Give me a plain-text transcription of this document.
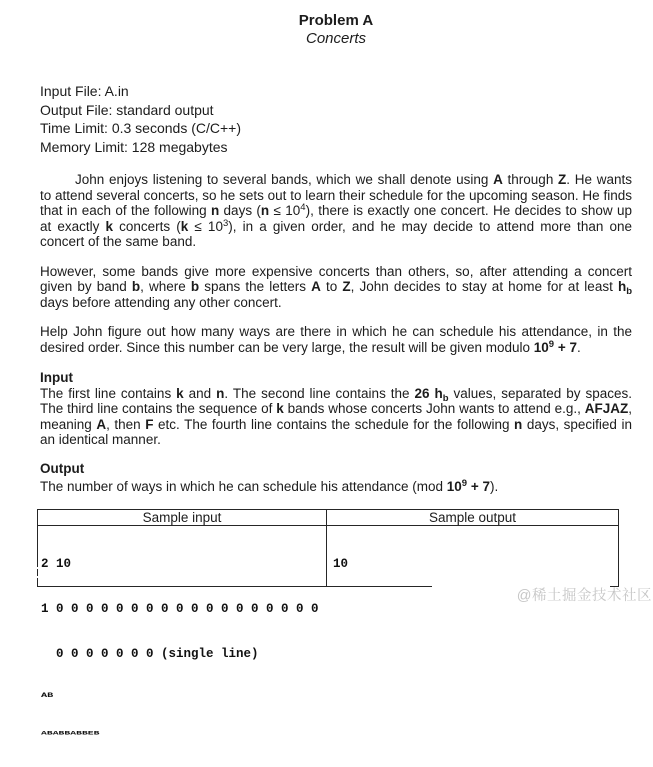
Problem A
Concerts
Input File: A.in
Output File: standard output
Time Limit: 0.3 seconds (C/C++)
Memory Limit: 128 megabytes

John enjoys listening to several bands, which we shall denote using A through Z. He wants to attend several concerts, so he sets out to learn their schedule for the upcoming season. He finds that in each of the following n days $(n \le 10^4)$, there is exactly one concert. He decides to show up at exactly k concerts $(k \le 10^3)$, in a given order, and he may decide to attend more than one concert of the same band.

However, some bands give more expensive concerts than others, so, after attending a concert given by band b, where b spans the letters A to Z, John decides to stay at home for at least $h_b$ days before attending any other concert.

Help John figure out how many ways are there in which he can schedule his attendance, in the desired order. Since this number can be very large, the result will be given modulo $10^9 + 7$.

Input
The first line contains k and n. The second line contains the 26 $h_b$ values, separated by spaces. The third line contains the sequence of k bands whose concerts John wants to attend e.g., AFJAZ, meaning A, then F etc. The fourth line contains the schedule for the following n days, specified in an identical manner.
Output
The number of ways in which he can schedule his attendance (mod $10^9 + 7$).
Sample input	Sample output

2 10

1 0 0 0 0 0 0 0 0 0 0 0 0 0 0 0 0 0 0

0 0 0 0 0 0 0 (single line)

AB

ABABBABBEB

10

@稀土掘金技术社区
